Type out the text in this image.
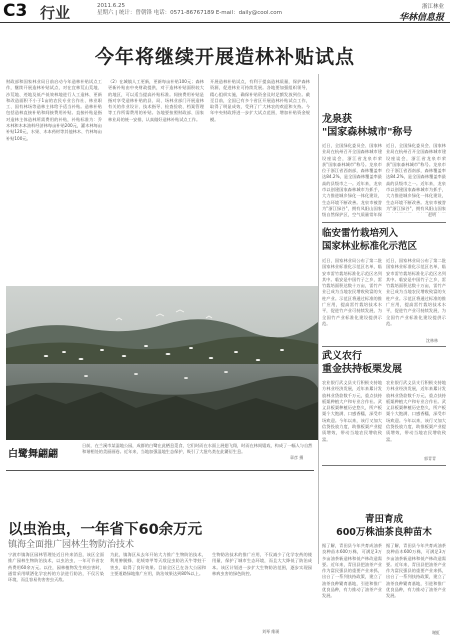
C3 行业	2011.6.25
星期六 | 统计：曾朝锋 电话：0571-86767189 E-mail：daily@cool.com
浙江林业
华林信息报
今年将继续开展造林补贴试点
财政部和国家林业局日前启动今年造林补贴试点工作，继续开展造林补贴试点，对在宜林荒山荒地、沙荒地、迹地及低产低效林地进行人工造林、更新和改造面积不小于1亩的农民专业合作社、林业职工、国有林场等造林主体给予适当补贴。造林补贴包括造林直接补贴和间接费用补贴。直接补贴是指对造林主体造林所需费用的补贴，补贴标准为：乔木林和木本油料经济林每亩补贴200元，灌木林每亩补贴120元，水果、木本药材等其他林木、竹林每亩补贴100元。
（2）在城镇人工更新，更新每亩补贴100元；森林更新补贴由中央财政提供，对于造林补贴面积较大的地区，可以适当提高补贴标准。间接费用补贴是指对享受造林补贴的县、局、场林业部门开展造林有关的作业设计、技术指导、检查验收、档案管理等工作所需费用的补贴。各地要按照财政部、国家林业局的统一安排，认真做好造林补贴试点工作。
开展造林补贴试点，有利于提高造林质量，保护森林资源，促进林业可持续发展。各地要加强组织领导，精心组织实施，确保补贴资金及时足额发放到位。截至目前，全国已有多个省区开展造林补贴试点工作，取得了明显成效，受到了广大林农的欢迎和支持。今年中央财政将进一步扩大试点范围，增加补贴资金规模。	龙泉获
"国家森林城市"称号
近日，全国绿化委员会、国家林业局在杭州召开全国森林城市建设座谈会，浙江省龙泉市荣获"国家森林城市"称号。龙泉市位于浙江省西南部，森林覆盖率达84.2%，是全国森林覆盖率最高的县级市之一。近年来，龙泉市以创建国家森林城市为抓手，大力推进城乡绿化一体化建设，生态环境不断改善。龙泉市被誉为"浙江绿谷"，拥有凤阳山国家级自然保护区，空气质量常年保
近日，全国绿化委员会、国家林业局在杭州召开全国森林城市建设座谈会，浙江省龙泉市荣获"国家森林城市"称号。龙泉市位于浙江省西南部，森林覆盖率达84.2%，是全国森林覆盖率最高的县级市之一。近年来，龙泉市以创建国家森林城市为抓手，大力推进城乡绿化一体化建设，生态环境不断改善。龙泉市被誉为"浙江绿谷"，拥有凤阳山国家
赵明
临安雷竹栽培列入
国家林业标准化示范区
近日，国家林业局公布了第二批国家林业标准化示范区名单，临安市雷竹栽培标准化示范区名列其中。临安是中国竹子之乡，雷竹栽培面积达数十万亩，雷竹产业已成为当地农民增收致富的支柱产业。示范区将通过标准的推广应用，提高雷竹栽培技术水平，促进竹产业可持续发展，为全国竹产业标准化建设提供示范。
近日，国家林业局公布了第二批国家林业标准化示范区名单，临安市雷竹栽培标准化示范区名列其中。临安是中国竹子之乡，雷竹栽培面积达数十万亩，雷竹产业已成为当地农民增收致富的支柱产业。示范区将通过标准的推广应用，提高雷竹栽培技术水平，促进竹产业可持续发展，为全国竹产业标准化建设提供示范。
沈林林
武义农行
重金扶持板栗发展
农业银行武义县支行积极支持地方林业经济发展，近年来累计发放林业贷款数千万元，重点扶持板栗种植大户和专业合作社。武义县板栗种植历史悠久，所产板栗个大饱满、口感香糯，深受市场欢迎。今年以来，该行又加大信贷投放力度，助推板栗产业提质增效，带动当地农民增收致富。
农业银行武义县支行积极支持地方林业经济发展，近年来累计发放林业贷款数千万元，重点扶持板栗种植大户和专业合作社。武义县板栗种植历史悠久，所产板栗个大饱满、口感香糯，深受市场欢迎。今年以来，该行又加大信贷投放力度，助推板栗产业提质增效，带动当地农民增收致富。
郭青青
青田育成
600万株油茶良种苗木
据了解，青田县今年共育成油茶良种苗木600万株，可满足3万多亩油茶新造林和低产林改造需要。近年来，青田县把油茶产业作为富民强县的重要产业来抓，出台了一系列扶持政策，建立了油茶良种繁育基地，引进和推广优良品种，有力推动了油茶产业发展。
据了解，青田县今年共育成油茶良种苗木600万株，可满足3万多亩油茶新造林和低产林改造需要。近年来，青田县把油茶产业作为富民强县的重要产业来抓，出台了一系列扶持政策，建立了油茶良种繁育基地，引进和推广优良品种，有力推动了油茶产业发展。
谢虹
白鹭舞翩翩
日前，在兰溪市某湿地公园，成群的白鹭在此栖息觅食，它们时而在水面上展翅飞翔，时而在林间嬉戏，构成了一幅人与自然和谐相处的美丽画卷。近年来，当地加强湿地生态保护，吸引了大批鸟类在此繁衍生息。
章彦 摄
以虫治虫，一年省下60余万元
镇海全面推广园林生物防治技术
宁波市镇海区园林管理处近日传来消息，该区全面推广园林生物防治技术，以虫治虫，一年可节省农药费用60余万元。以往，园林植物发生病虫害时，通常采用喷洒化学农药的方法进行防治，不仅污染环境，而且容易伤害害虫天敌。
为此，镇海区从去年开始大力推广生物防治技术，利用肿腿蜂、花绒寄甲等天敌昆虫防治天牛等蛀干害虫，取得了良好效果。目前全区已在各大公园和主要道路绿地推广应用，防治效果达到80%以上。
生物防治技术的推广应用，不仅减少了化学农药的使用量，保护了城市生态环境，而且大大降低了防治成本。该区计划进一步扩大生物防治范围，逐步实现园林病虫害的绿色防控。
刘琴 维瑛
